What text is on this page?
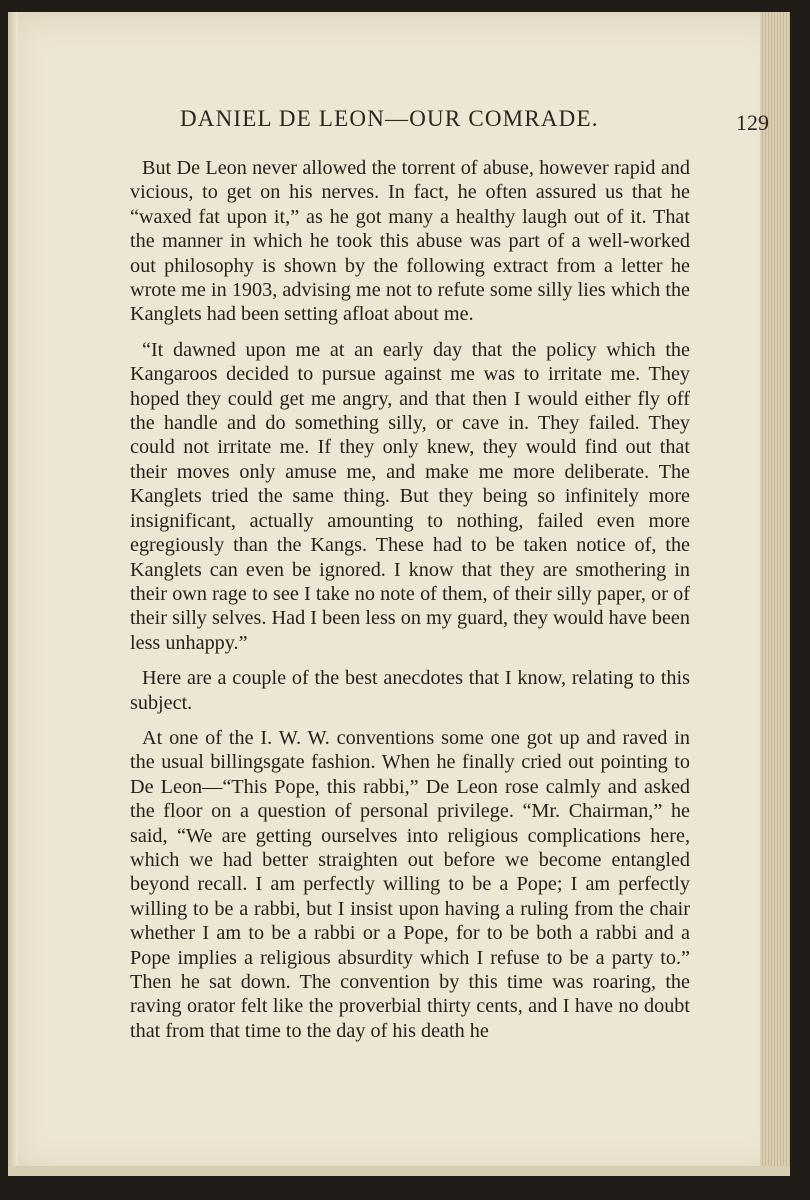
DANIEL DE LEON—OUR COMRADE.	129

But De Leon never allowed the torrent of abuse, however rapid and vicious, to get on his nerves. In fact, he often assured us that he “waxed fat upon it,” as he got many a healthy laugh out of it. That the manner in which he took this abuse was part of a well-worked out philosophy is shown by the following extract from a letter he wrote me in 1903, advising me not to refute some silly lies which the Kanglets had been setting afloat about me.

“It dawned upon me at an early day that the policy which the Kangaroos decided to pursue against me was to irritate me. They hoped they could get me angry, and that then I would either fly off the handle and do something silly, or cave in. They failed. They could not irritate me. If they only knew, they would find out that their moves only amuse me, and make me more deliberate. The Kanglets tried the same thing. But they being so infinitely more insignificant, actually amounting to nothing, failed even more egregiously than the Kangs. These had to be taken notice of, the Kanglets can even be ignored. I know that they are smothering in their own rage to see I take no note of them, of their silly paper, or of their silly selves. Had I been less on my guard, they would have been less unhappy.”

Here are a couple of the best anecdotes that I know, relating to this subject.

At one of the I. W. W. conventions some one got up and raved in the usual billingsgate fashion. When he finally cried out pointing to De Leon—“This Pope, this rabbi,” De Leon rose calmly and asked the floor on a question of personal privilege. “Mr. Chairman,” he said, “We are getting ourselves into religious complications here, which we had better straighten out before we become entangled beyond recall. I am perfectly willing to be a Pope; I am perfectly willing to be a rabbi, but I insist upon having a ruling from the chair whether I am to be a rabbi or a Pope, for to be both a rabbi and a Pope implies a religious absurdity which I refuse to be a party to.” Then he sat down. The convention by this time was roaring, the raving orator felt like the proverbial thirty cents, and I have no doubt that from that time to the day of his death he
